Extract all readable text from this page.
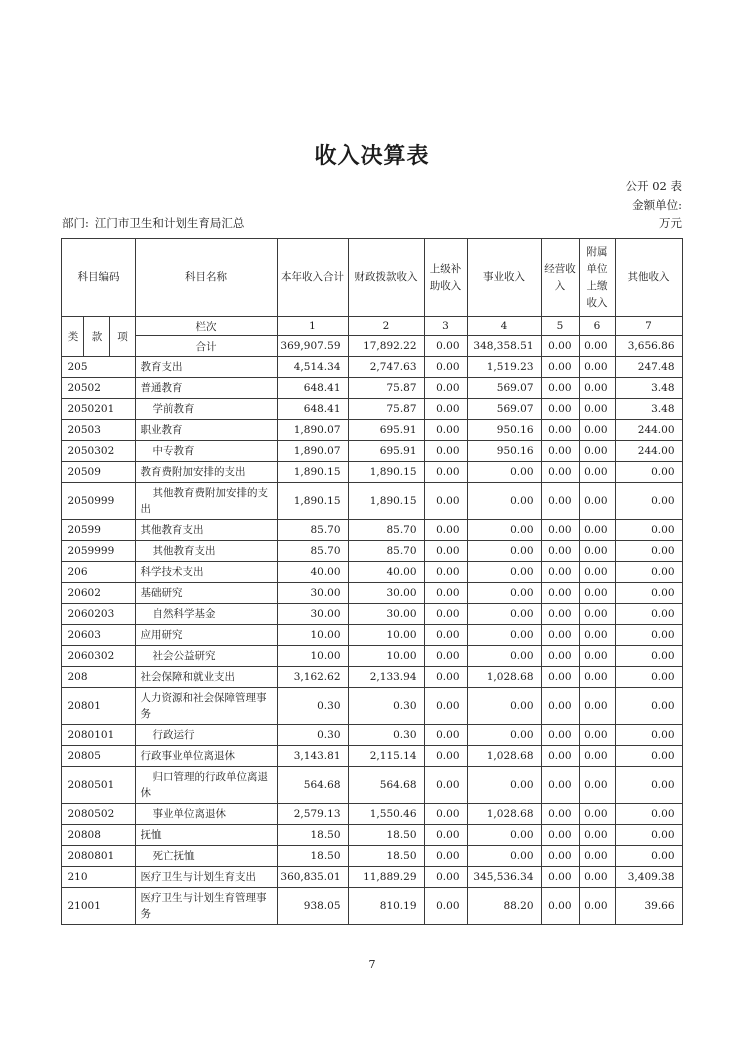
收入决算表
公开 02 表
金额单位:
部门: 江门市卫生和计划生育局汇总	万元
科目编码			科目名称	本年收入合计	财政拨款收入	上级补助收入	事业收入	经营收入	附属单位上缴收入	其他收入
类	款	项	栏次	1	2	3	4	5	6	7
			合计	369,907.59	17,892.22	0.00	348,358.51	0.00	0.00	3,656.86
205			教育支出	4,514.34	2,747.63	0.00	1,519.23	0.00	0.00	247.48
20502			普通教育	648.41	75.87	0.00	569.07	0.00	0.00	3.48
2050201			学前教育	648.41	75.87	0.00	569.07	0.00	0.00	3.48
20503			职业教育	1,890.07	695.91	0.00	950.16	0.00	0.00	244.00
2050302			中专教育	1,890.07	695.91	0.00	950.16	0.00	0.00	244.00
20509			教育费附加安排的支出	1,890.15	1,890.15	0.00	0.00	0.00	0.00	0.00
2050999			其他教育费附加安排的支出	1,890.15	1,890.15	0.00	0.00	0.00	0.00	0.00
20599			其他教育支出	85.70	85.70	0.00	0.00	0.00	0.00	0.00
2059999			其他教育支出	85.70	85.70	0.00	0.00	0.00	0.00	0.00
206			科学技术支出	40.00	40.00	0.00	0.00	0.00	0.00	0.00
20602			基础研究	30.00	30.00	0.00	0.00	0.00	0.00	0.00
2060203			自然科学基金	30.00	30.00	0.00	0.00	0.00	0.00	0.00
20603			应用研究	10.00	10.00	0.00	0.00	0.00	0.00	0.00
2060302			社会公益研究	10.00	10.00	0.00	0.00	0.00	0.00	0.00
208			社会保障和就业支出	3,162.62	2,133.94	0.00	1,028.68	0.00	0.00	0.00
20801			人力资源和社会保障管理事务	0.30	0.30	0.00	0.00	0.00	0.00	0.00
2080101			行政运行	0.30	0.30	0.00	0.00	0.00	0.00	0.00
20805			行政事业单位离退休	3,143.81	2,115.14	0.00	1,028.68	0.00	0.00	0.00
2080501			归口管理的行政单位离退休	564.68	564.68	0.00	0.00	0.00	0.00	0.00
2080502			事业单位离退休	2,579.13	1,550.46	0.00	1,028.68	0.00	0.00	0.00
20808			抚恤	18.50	18.50	0.00	0.00	0.00	0.00	0.00
2080801			死亡抚恤	18.50	18.50	0.00	0.00	0.00	0.00	0.00
210			医疗卫生与计划生育支出	360,835.01	11,889.29	0.00	345,536.34	0.00	0.00	3,409.38
21001			医疗卫生与计划生育管理事务	938.05	810.19	0.00	88.20	0.00	0.00	39.66
7
